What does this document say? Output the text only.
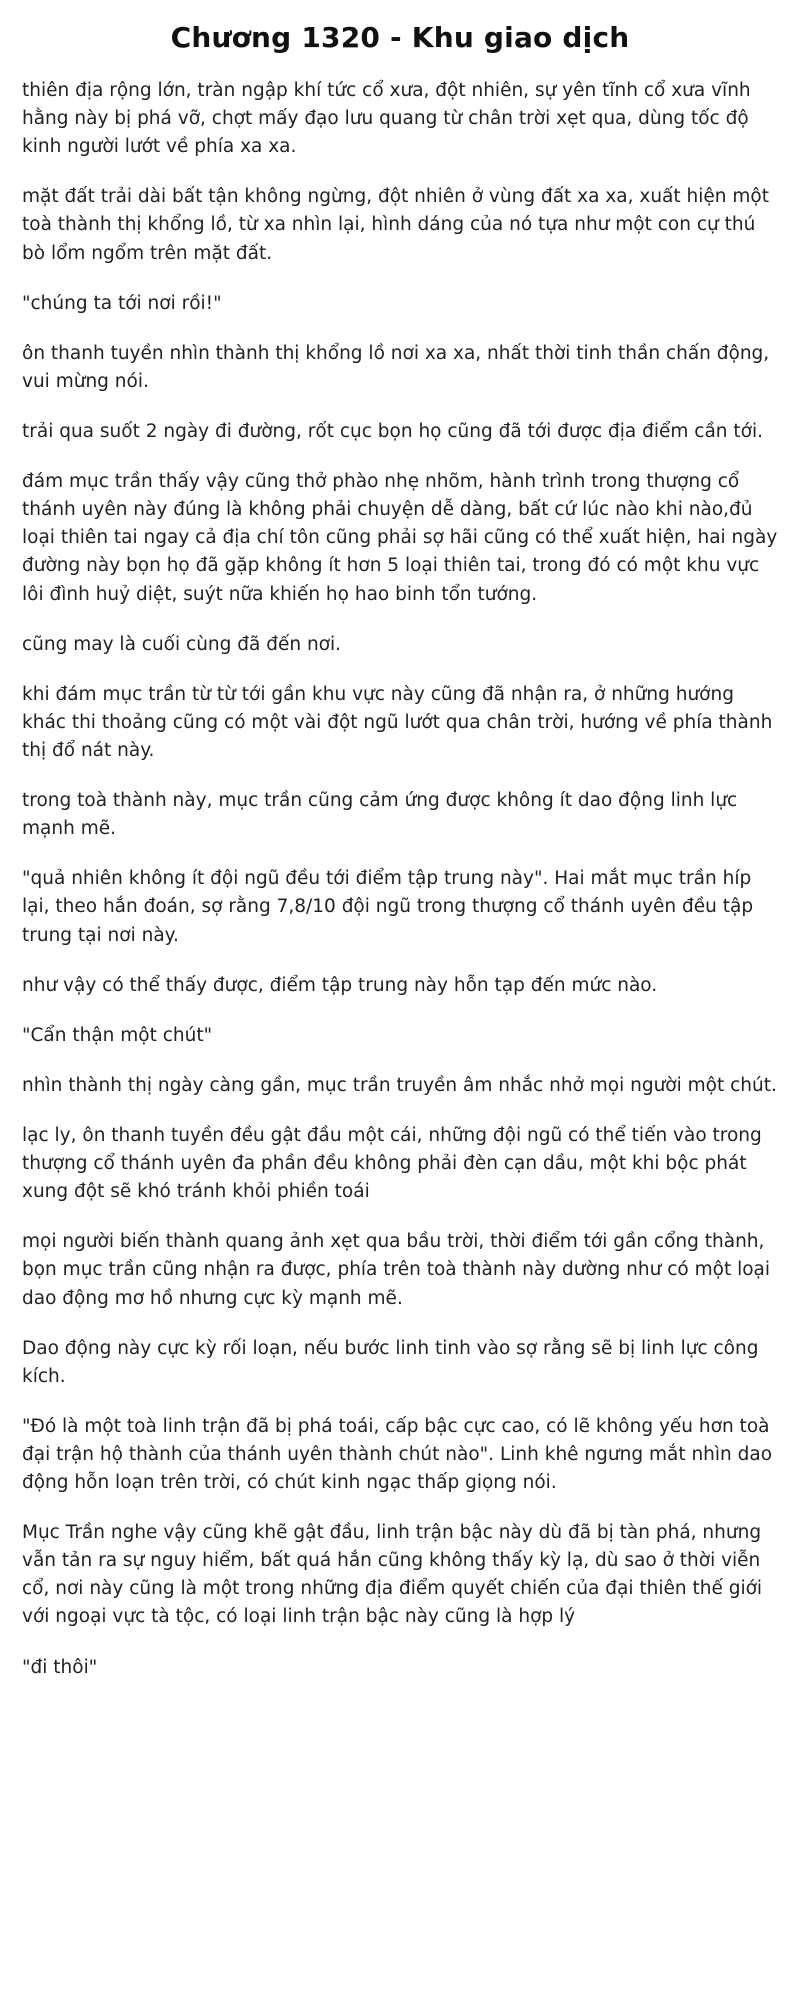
Chương 1320 - Khu giao dịch

thiên địa rộng lớn, tràn ngập khí tức cổ xưa, đột nhiên, sự yên tĩnh cổ xưa vĩnh hằng này bị phá vỡ, chợt mấy đạo lưu quang từ chân trời xẹt qua, dùng tốc độ kinh người lướt về phía xa xa.

mặt đất trải dài bất tận không ngừng, đột nhiên ở vùng đất xa xa, xuất hiện một toà thành thị khổng lồ, từ xa nhìn lại, hình dáng của nó tựa như một con cự thú bò lổm ngổm trên mặt đất.

"chúng ta tới nơi rồi!"

ôn thanh tuyền nhìn thành thị khổng lồ nơi xa xa, nhất thời tinh thần chấn động, vui mừng nói.

trải qua suốt 2 ngày đi đường, rốt cục bọn họ cũng đã tới được địa điểm cần tới.

đám mục trần thấy vậy cũng thở phào nhẹ nhõm, hành trình trong thượng cổ thánh uyên này đúng là không phải chuyện dễ dàng, bất cứ lúc nào khi nào,đủ loại thiên tai ngay cả địa chí tôn cũng phải sợ hãi cũng có thể xuất hiện, hai ngày đường này bọn họ đã gặp không ít hơn 5 loại thiên tai, trong đó có một khu vực lôi đình huỷ diệt, suýt nữa khiến họ hao binh tổn tướng.

cũng may là cuối cùng đã đến nơi.

khi đám mục trần từ từ tới gần khu vực này cũng đã nhận ra, ở những hướng khác thi thoảng cũng có một vài đột ngũ lướt qua chân trời, hướng về phía thành thị đổ nát này.

trong toà thành này, mục trần cũng cảm ứng được không ít dao động linh lực mạnh mẽ.

"quả nhiên không ít đội ngũ đều tới điểm tập trung này". Hai mắt mục trần híp lại, theo hắn đoán, sợ rằng 7,8/10 đội ngũ trong thượng cổ thánh uyên đều tập trung tại nơi này.

như vậy có thể thấy được, điểm tập trung này hỗn tạp đến mức nào.

"Cẩn thận một chút"

nhìn thành thị ngày càng gần, mục trần truyền âm nhắc nhở mọi người một chút.

lạc ly, ôn thanh tuyền đều gật đầu một cái, những đội ngũ có thể tiến vào trong thượng cổ thánh uyên đa phần đều không phải đèn cạn dầu, một khi bộc phát xung đột sẽ khó tránh khỏi phiền toái

mọi người biến thành quang ảnh xẹt qua bầu trời, thời điểm tới gần cổng thành, bọn mục trần cũng nhận ra được, phía trên toà thành này dường như có một loại dao động mơ hồ nhưng cực kỳ mạnh mẽ.

Dao động này cực kỳ rối loạn, nếu bước linh tinh vào sợ rằng sẽ bị linh lực công kích.

"Đó là một toà linh trận đã bị phá toái, cấp bậc cực cao, có lẽ không yếu hơn toà đại trận hộ thành của thánh uyên thành chút nào". Linh khê ngưng mắt nhìn dao động hỗn loạn trên trời, có chút kinh ngạc thấp giọng nói.

Mục Trần nghe vậy cũng khẽ gật đầu, linh trận bậc này dù đã bị tàn phá, nhưng vẫn tản ra sự nguy hiểm, bất quá hắn cũng không thấy kỳ lạ, dù sao ở thời viễn cổ, nơi này cũng là một trong những địa điểm quyết chiến của đại thiên thế giới với ngoại vực tà tộc, có loại linh trận bậc này cũng là hợp lý

"đi thôi"
